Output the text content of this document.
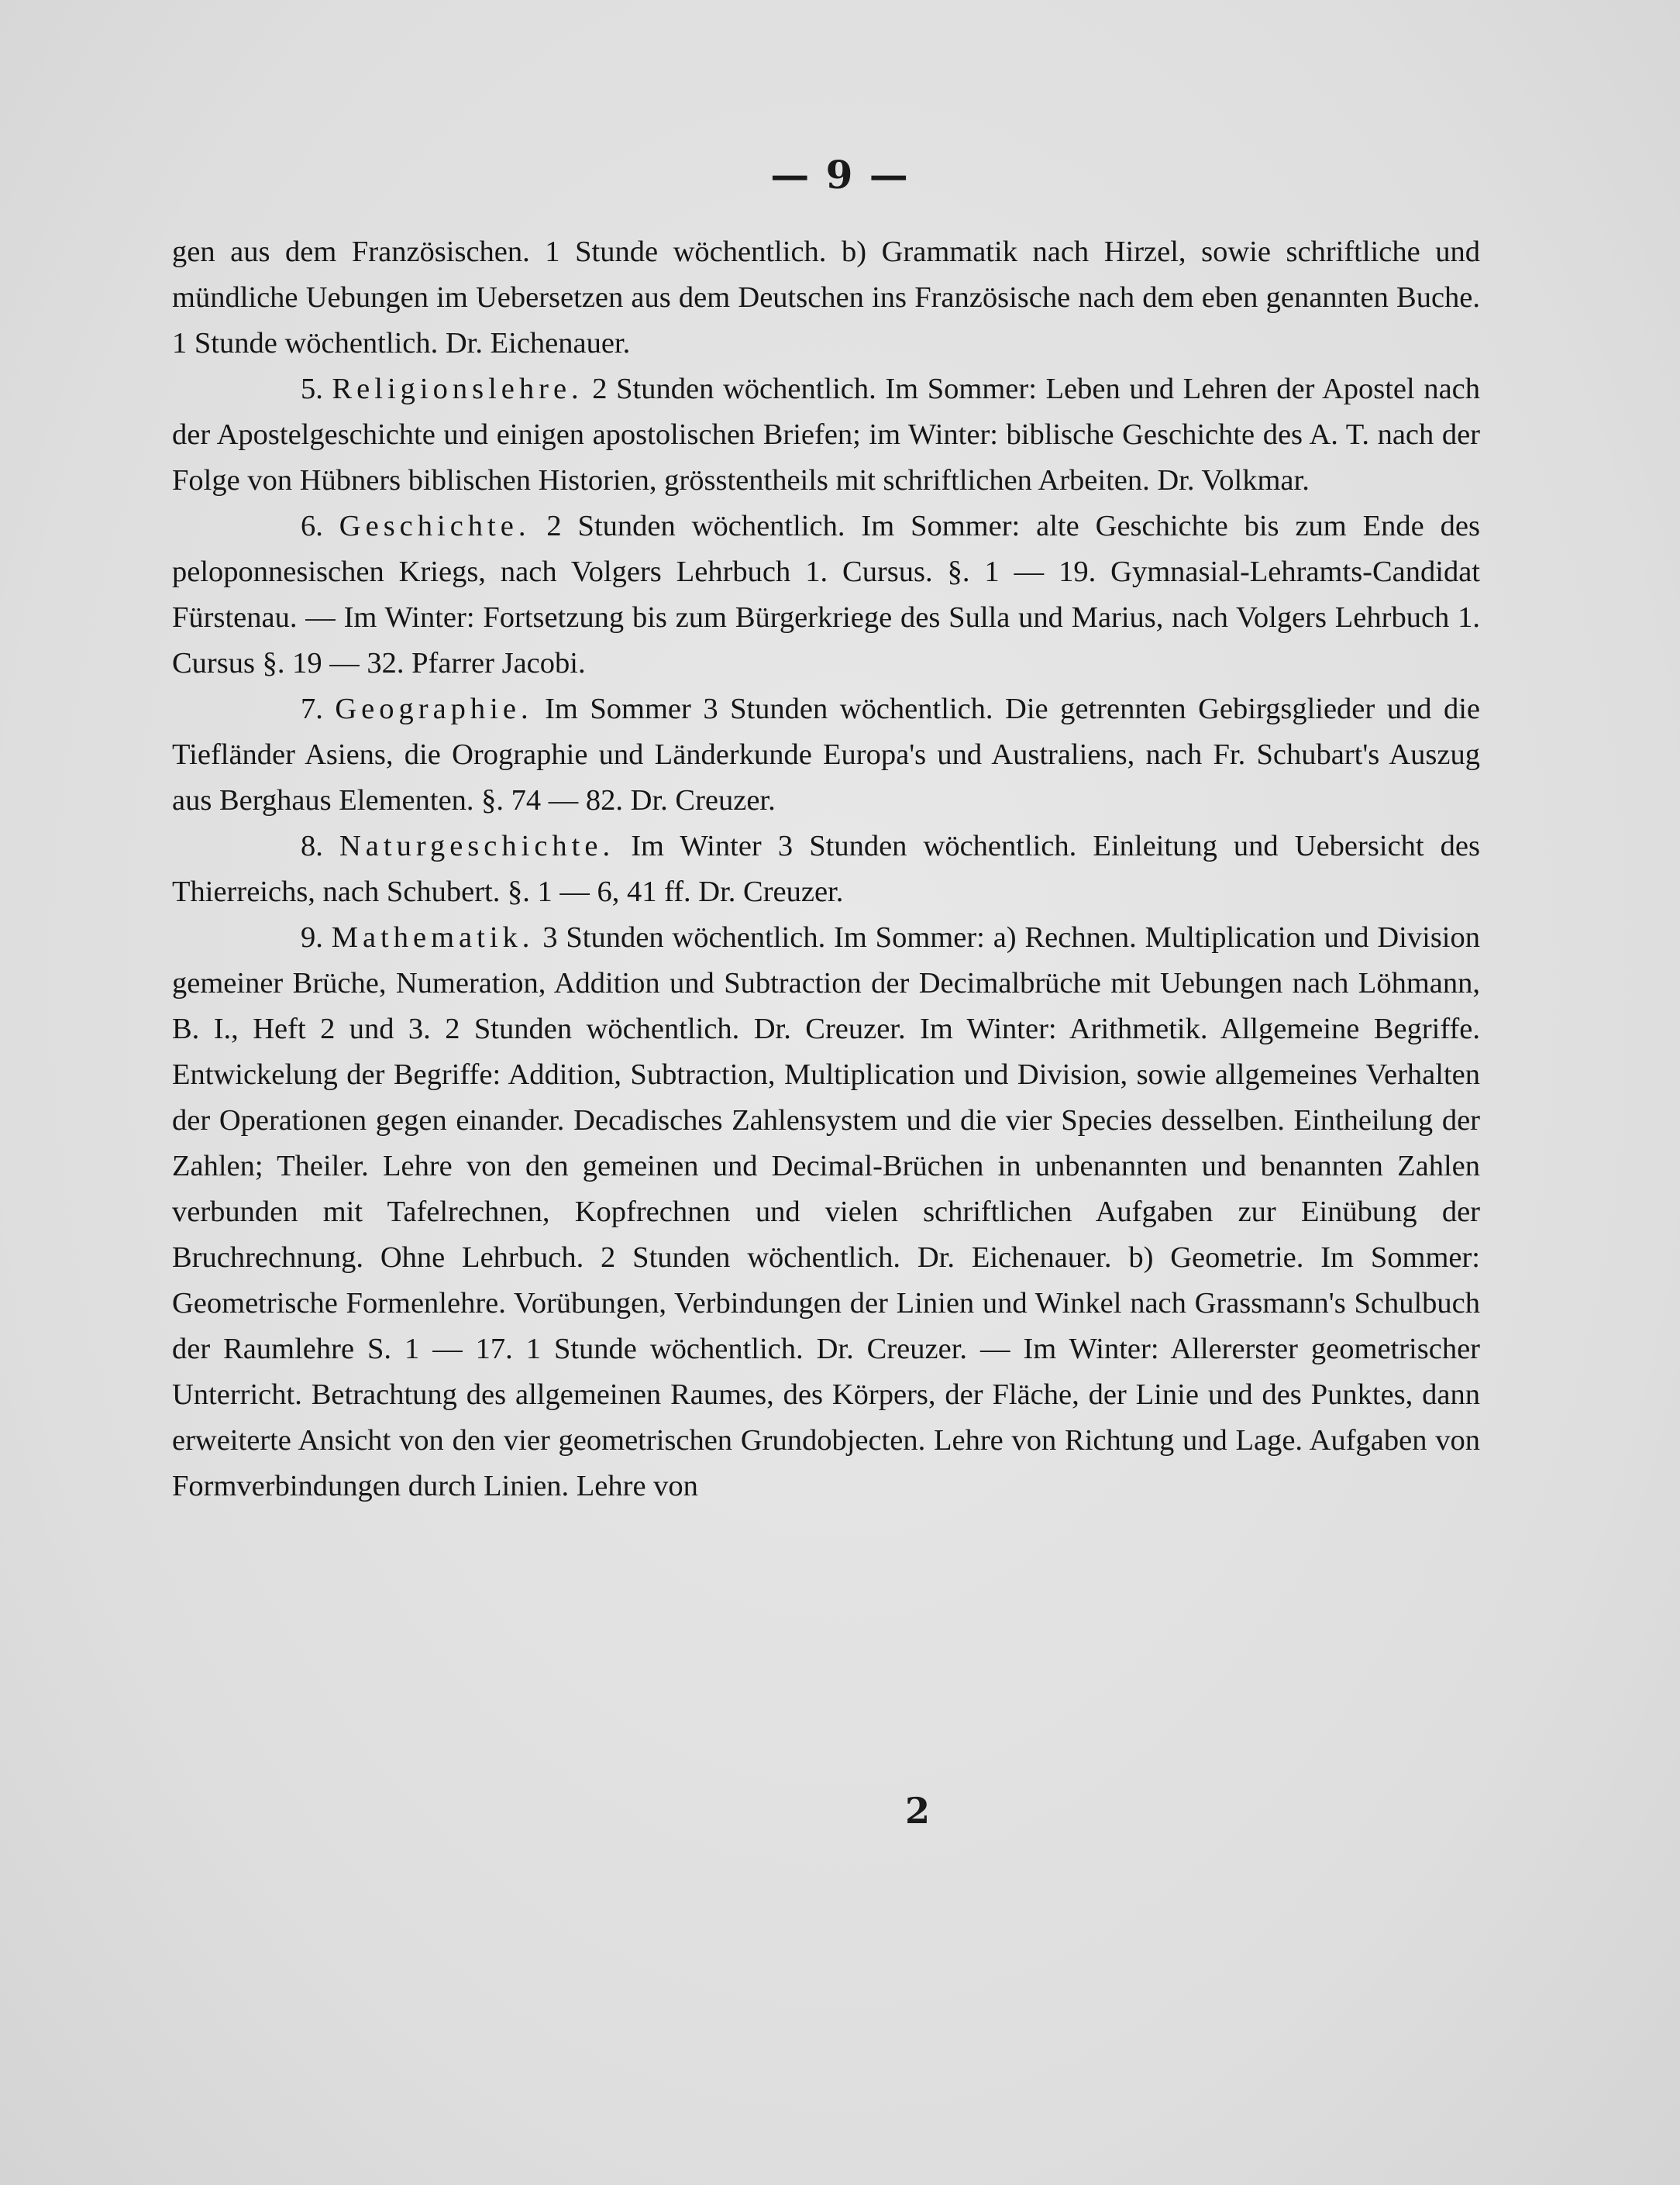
— 9 —

gen aus dem Französischen. 1 Stunde wöchentlich. b) Grammatik nach Hirzel, sowie schriftliche und mündliche Uebungen im Uebersetzen aus dem Deutschen ins Französische nach dem eben genannten Buche. 1 Stunde wöchentlich. Dr. Eichenauer.

5. Religionslehre. 2 Stunden wöchentlich. Im Sommer: Leben und Lehren der Apostel nach der Apostelgeschichte und einigen apostolischen Briefen; im Winter: biblische Geschichte des A. T. nach der Folge von Hübners biblischen Historien, grösstentheils mit schriftlichen Arbeiten. Dr. Volkmar.

6. Geschichte. 2 Stunden wöchentlich. Im Sommer: alte Geschichte bis zum Ende des peloponnesischen Kriegs, nach Volgers Lehrbuch 1. Cursus. §. 1 — 19. Gymnasial-Lehramts-Candidat Fürstenau. — Im Winter: Fortsetzung bis zum Bürgerkriege des Sulla und Marius, nach Volgers Lehrbuch 1. Cursus §. 19 — 32. Pfarrer Jacobi.

7. Geographie. Im Sommer 3 Stunden wöchentlich. Die getrennten Gebirgsglieder und die Tiefländer Asiens, die Orographie und Länderkunde Europa's und Australiens, nach Fr. Schubart's Auszug aus Berghaus Elementen. §. 74 — 82. Dr. Creuzer.

8. Naturgeschichte. Im Winter 3 Stunden wöchentlich. Einleitung und Uebersicht des Thierreichs, nach Schubert. §. 1 — 6, 41 ff. Dr. Creuzer.

9. Mathematik. 3 Stunden wöchentlich. Im Sommer: a) Rechnen. Multiplication und Division gemeiner Brüche, Numeration, Addition und Subtraction der Decimalbrüche mit Uebungen nach Löhmann, B. I., Heft 2 und 3. 2 Stunden wöchentlich. Dr. Creuzer. Im Winter: Arithmetik. Allgemeine Begriffe. Entwickelung der Begriffe: Addition, Subtraction, Multiplication und Division, sowie allgemeines Verhalten der Operationen gegen einander. Decadisches Zahlensystem und die vier Species desselben. Eintheilung der Zahlen; Theiler. Lehre von den gemeinen und Decimal-Brüchen in unbenannten und benannten Zahlen verbunden mit Tafelrechnen, Kopfrechnen und vielen schriftlichen Aufgaben zur Einübung der Bruchrechnung. Ohne Lehrbuch. 2 Stunden wöchentlich. Dr. Eichenauer. b) Geometrie. Im Sommer: Geometrische Formenlehre. Vorübungen, Verbindungen der Linien und Winkel nach Grassmann's Schulbuch der Raumlehre S. 1 — 17. 1 Stunde wöchentlich. Dr. Creuzer. — Im Winter: Allererster geometrischer Unterricht. Betrachtung des allgemeinen Raumes, des Körpers, der Fläche, der Linie und des Punktes, dann erweiterte Ansicht von den vier geometrischen Grundobjecten. Lehre von Richtung und Lage. Aufgaben von Formverbindungen durch Linien. Lehre von

2
